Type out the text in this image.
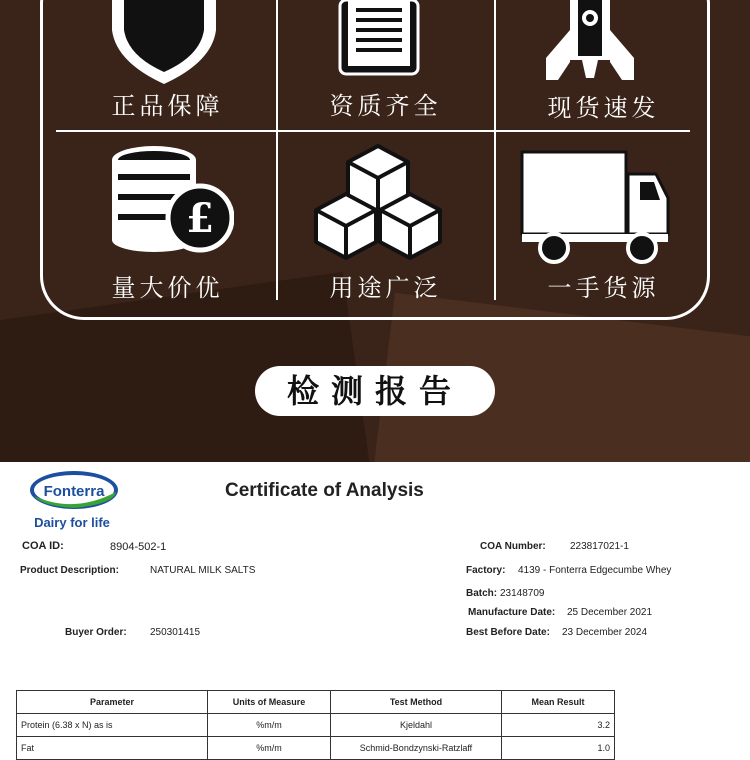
£
正品保障	资质齐全	现货速发
量大价优	用途广泛	一手货源
检测报告
Fonterra
Dairy for life
Certificate of Analysis
COA ID:	8904-502-1
Product Description:	NATURAL MILK SALTS
Buyer Order: 250301415
COA Number: 223817021-1
Factory: 4139 - Fonterra Edgecumbe Whey
Batch: 23148709
Manufacture Date: 25 December 2021
Best Before Date: 23 December 2024
Parameter	Units of Measure	Test Method	Mean Result
Protein (6.38 x N) as is	%m/m	Kjeldahl	3.2
Fat	%m/m	Schmid-Bondzynski-Ratzlaff	1.0
